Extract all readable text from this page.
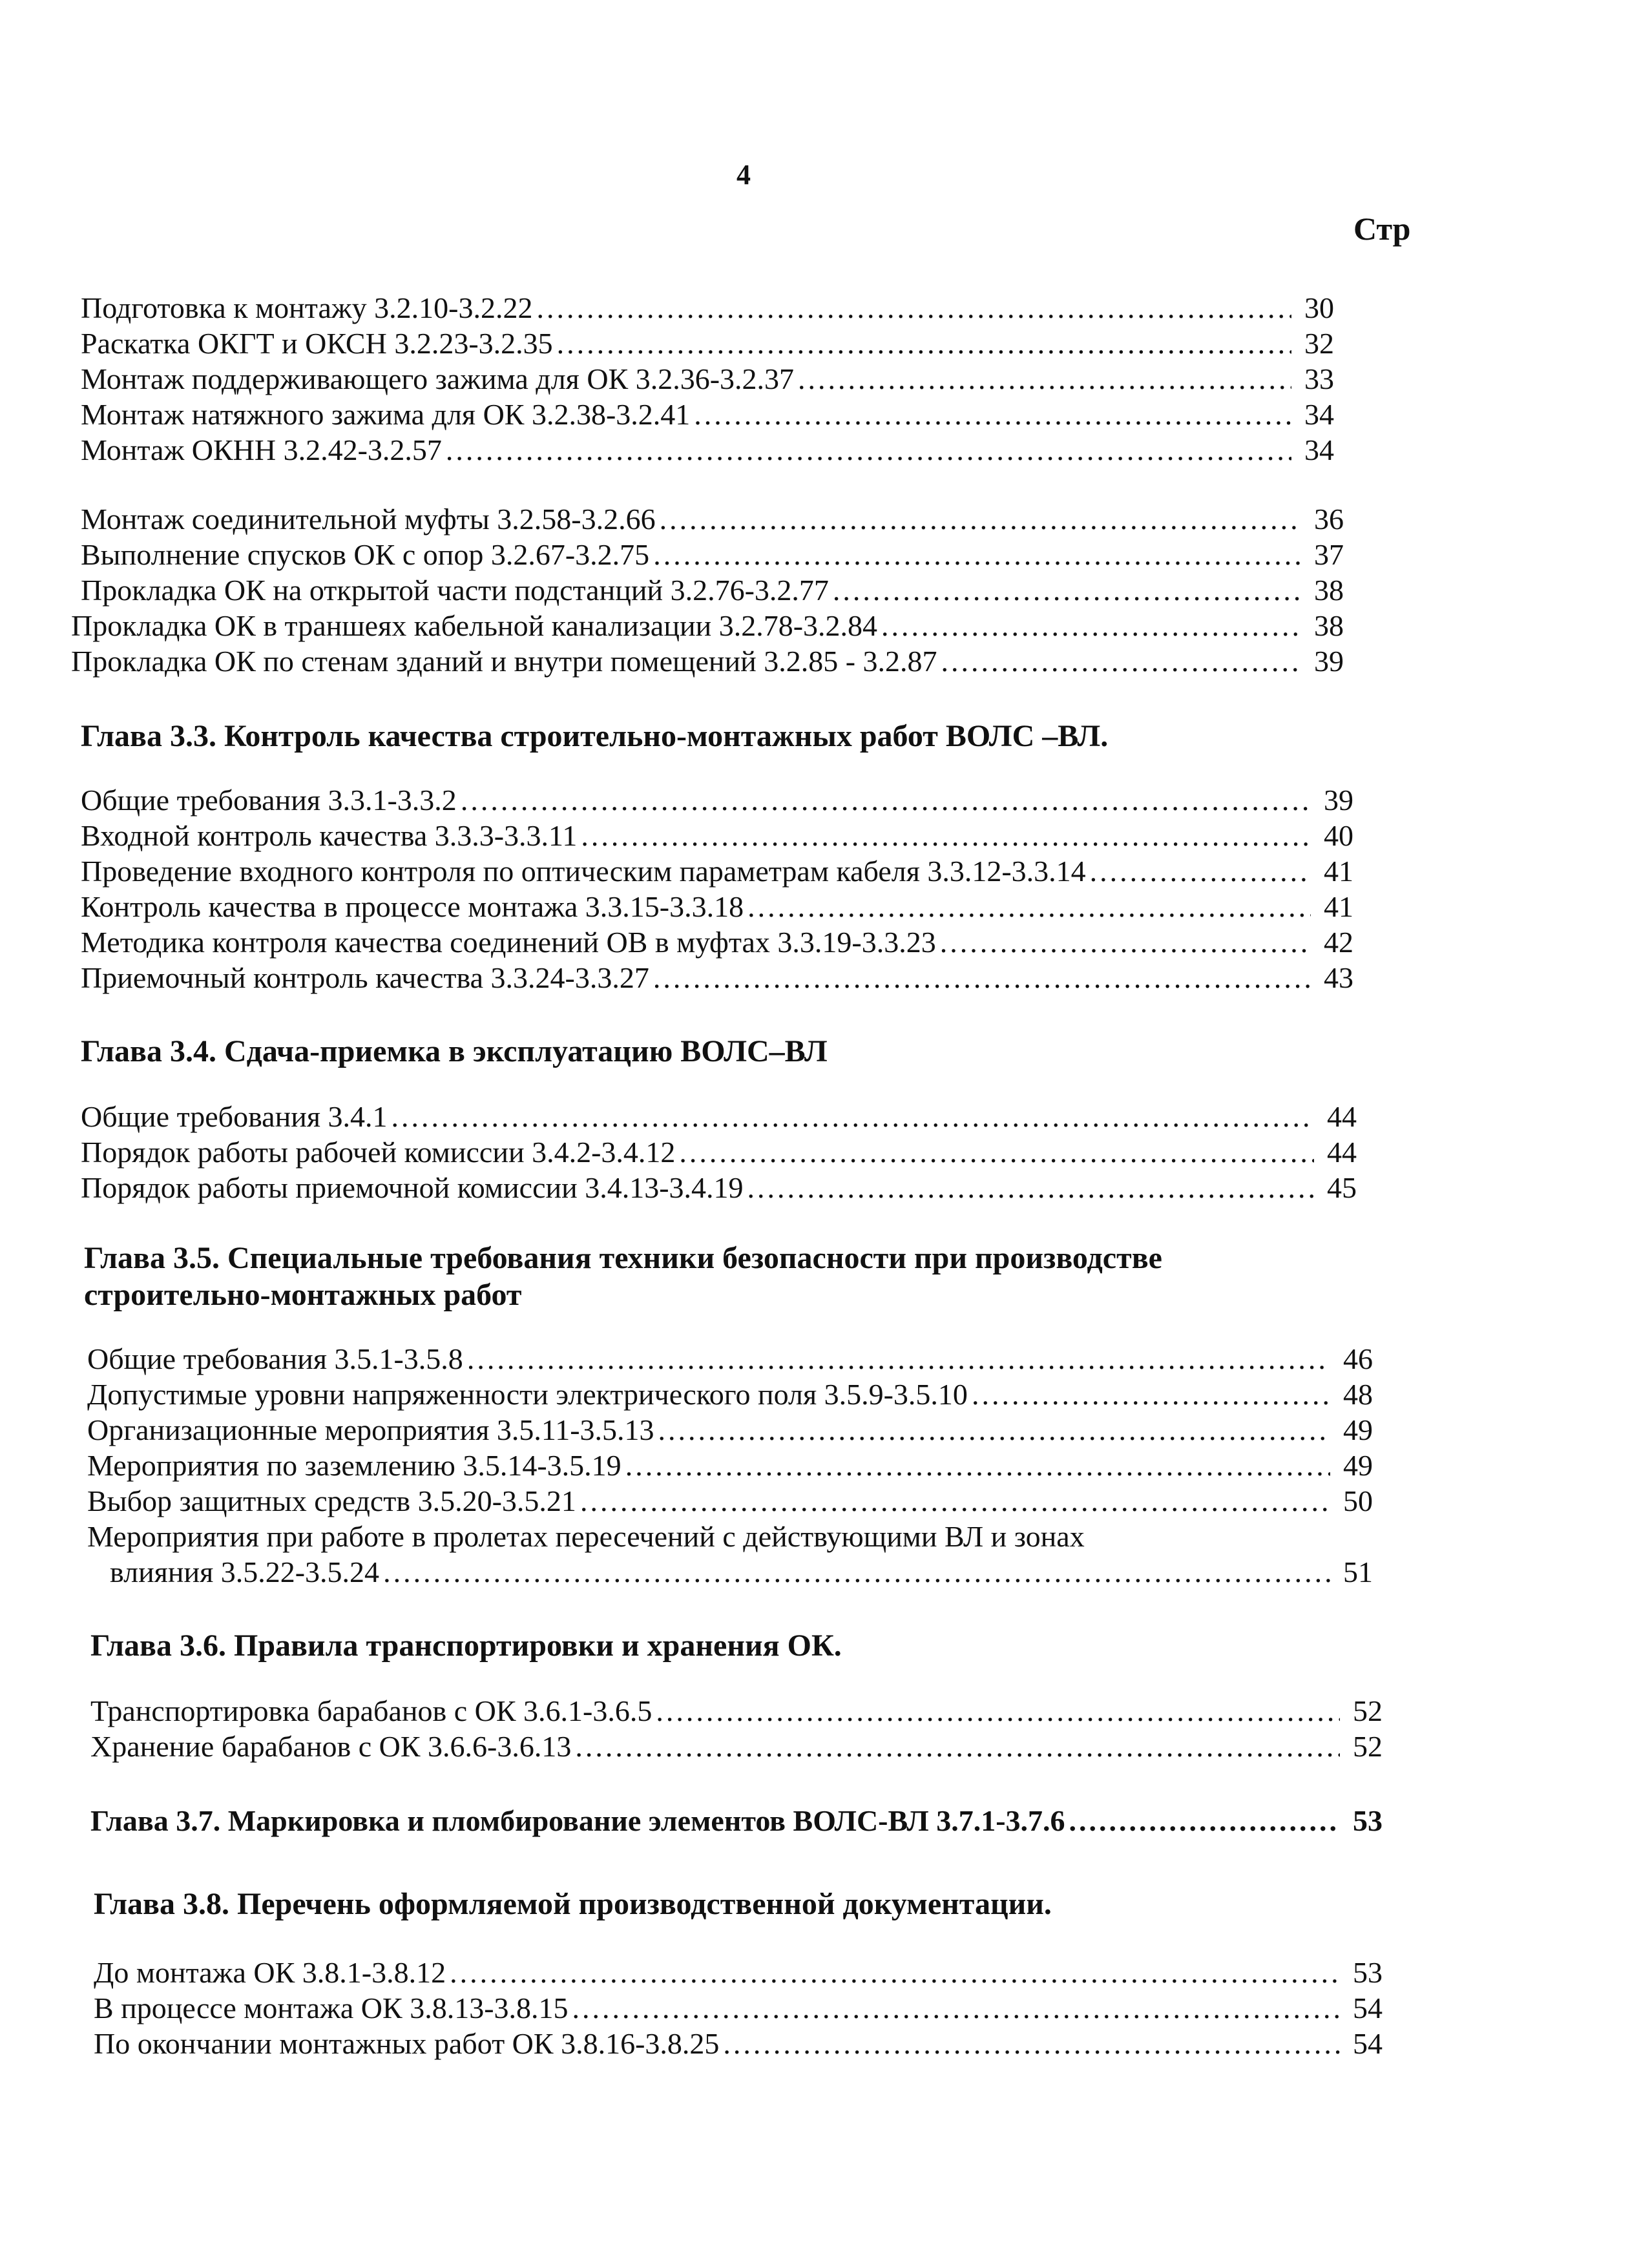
4
Стр
Подготовка к монтажу 3.2.10-3.2.22 .....	30
Раскатка ОКГТ и ОКСН 3.2.23-3.2.35 .....	32
Монтаж поддерживающего зажима для ОК 3.2.36-3.2.37 .....	33
Монтаж натяжного зажима для ОК 3.2.38-3.2.41 .....	34
Монтаж ОКНН 3.2.42-3.2.57 .....	34
Монтаж соединительной муфты 3.2.58-3.2.66 .....	36
Выполнение спусков ОК с опор 3.2.67-3.2.75 .....	37
Прокладка ОК на открытой части подстанций 3.2.76-3.2.77 .....	38
Прокладка ОК в траншеях кабельной канализации 3.2.78-3.2.84 .....	38
Прокладка ОК по стенам зданий и внутри помещений 3.2.85 - 3.2.87 .....	39
Глава 3.3. Контроль качества строительно-монтажных работ ВОЛС –ВЛ.
Общие требования 3.3.1-3.3.2 .....	39
Входной контроль качества 3.3.3-3.3.11 .....	40
Проведение входного контроля по оптическим параметрам кабеля 3.3.12-3.3.14 .....	41
Контроль качества в процессе монтажа 3.3.15-3.3.18 .....	41
Методика контроля качества соединений ОВ в муфтах 3.3.19-3.3.23 .....	42
Приемочный контроль качества 3.3.24-3.3.27 .....	43
Глава 3.4. Сдача-приемка в эксплуатацию ВОЛС–ВЛ
Общие требования 3.4.1 .....	44
Порядок работы рабочей комиссии 3.4.2-3.4.12 .....	44
Порядок работы приемочной комиссии 3.4.13-3.4.19 .....	45
Глава 3.5. Специальные требования техники безопасности при производстве
строительно-монтажных работ
Общие требования 3.5.1-3.5.8 .....	46
Допустимые уровни напряженности электрического поля 3.5.9-3.5.10 .....	48
Организационные мероприятия 3.5.11-3.5.13 .....	49
Мероприятия по заземлению 3.5.14-3.5.19 .....	49
Выбор защитных средств 3.5.20-3.5.21 .....	50
Мероприятия при работе в пролетах пересечений с действующими ВЛ и зонах
влияния 3.5.22-3.5.24 .....	51
Глава 3.6. Правила транспортировки и хранения ОК.
Транспортировка барабанов с ОК 3.6.1-3.6.5 .....	52
Хранение барабанов с ОК 3.6.6-3.6.13 .....	52
Глава 3.7. Маркировка и пломбирование элементов ВОЛС-ВЛ 3.7.1-3.7.6 .....	53
Глава 3.8. Перечень оформляемой производственной документации.
До монтажа ОК 3.8.1-3.8.12 .....	53
В процессе монтажа ОК 3.8.13-3.8.15 .....	54
По окончании монтажных работ ОК 3.8.16-3.8.25 .....	54
